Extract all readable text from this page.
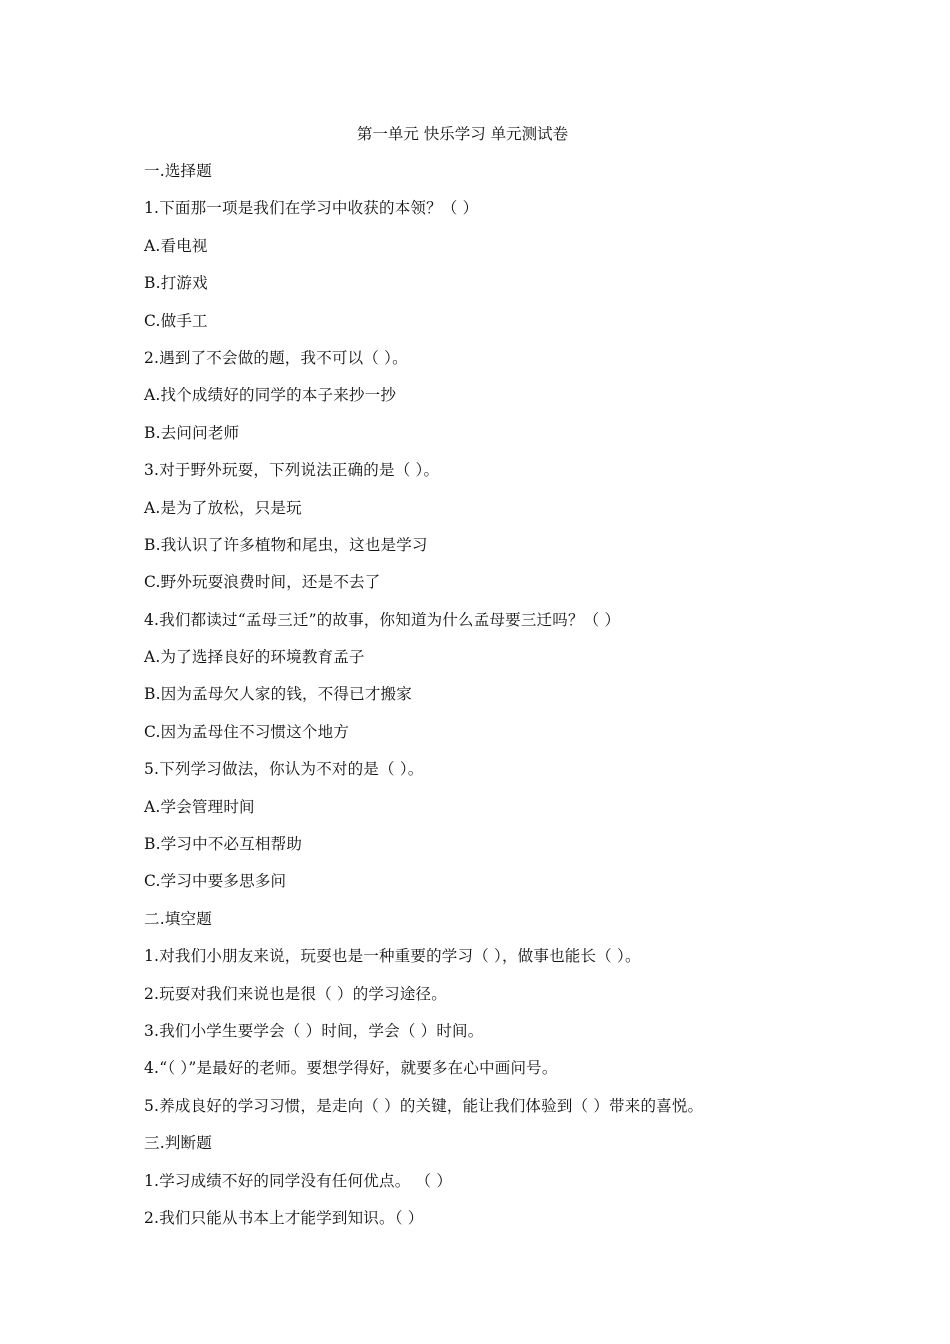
第一单元 快乐学习 单元测试卷
一.选择题
1.下面那一项是我们在学习中收获的本领？（ ）
A.看电视
B.打游戏
C.做手工
2.遇到了不会做的题，我不可以（ ）。
A.找个成绩好的同学的本子来抄一抄
B.去问问老师
3.对于野外玩耍，下列说法正确的是（ ）。
A.是为了放松，只是玩
B.我认识了许多植物和尾虫，这也是学习
C.野外玩耍浪费时间，还是不去了
4.我们都读过“孟母三迁”的故事，你知道为什么孟母要三迁吗？（ ）
A.为了选择良好的环境教育孟子
B.因为孟母欠人家的钱，不得已才搬家
C.因为孟母住不习惯这个地方
5.下列学习做法，你认为不对的是（ ）。
A.学会管理时间
B.学习中不必互相帮助
C.学习中要多思多问
二.填空题
1.对我们小朋友来说，玩耍也是一种重要的学习（ ），做事也能长（ ）。
2.玩耍对我们来说也是很（ ）的学习途径。
3.我们小学生要学会（ ）时间，学会（ ）时间。
4.“（ ）”是最好的老师。要想学得好，就要多在心中画问号。
5.养成良好的学习习惯，是走向（ ）的关键，能让我们体验到（ ）带来的喜悦。
三.判断题
1.学习成绩不好的同学没有任何优点。 （ ）
2.我们只能从书本上才能学到知识。（ ）
